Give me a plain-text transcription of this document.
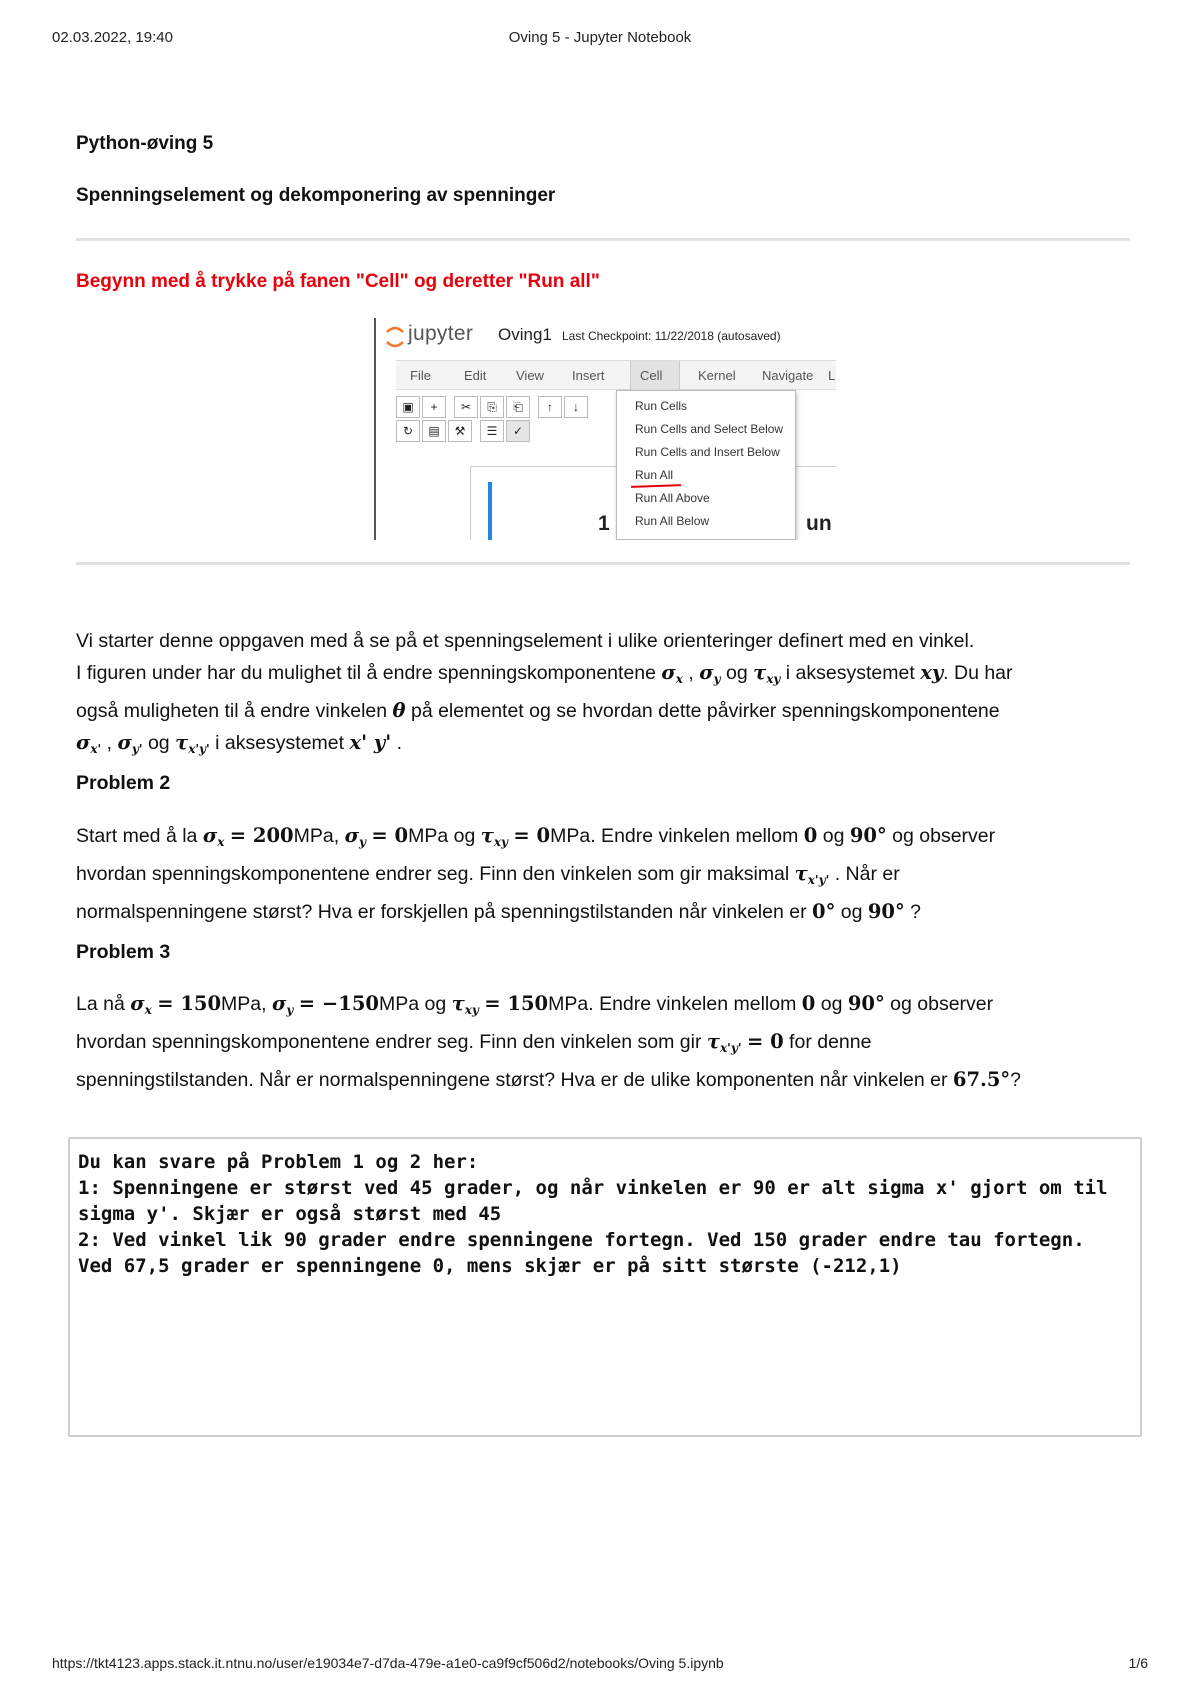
02.03.2022, 19:40	Oving 5 - Jupyter Notebook
Python-øving 5
Spenningselement og dekomponering av spenninger
Begynn med å trykke på fanen "Cell" og deretter "Run all"
jupyter Oving1 Last Checkpoint: 11/22/2018 (autosaved)
File	Edit View Insert	Cell	Kernel Navigate L
▣	+	✂	⎘	⎗	↑	↓
↻	▤	⚒	☰	✓
1	un
Run Cells
Run Cells and Select Below
Run Cells and Insert Below
Run All
Run All Above
Run All Below
Vi starter denne oppgaven med å se på et spenningselement i ulike orienteringer definert med en vinkel.
I figuren under har du mulighet til å endre spenningskomponentene $\sigma_x$ , $\sigma_y$ og $\tau_{xy}$ i aksesystemet xy. Du har
også muligheten til å endre vinkelen θ på elementet og se hvordan dette påvirker spenningskomponentene
$\sigma_{x'}$ , $\sigma_{y'}$ og $\tau_{x'y'}$ i aksesystemet x' y' .
Problem 2
Start med å la $\sigma_x = 200MPa$, $\sigma_y = 0MPa$ og $\tau_{xy} = 0MPa$. Endre vinkelen mellom 0 og 90° og observer
hvordan spenningskomponentene endrer seg. Finn den vinkelen som gir maksimal $\tau_{x'y'}$ . Når er
normalspenningene størst? Hva er forskjellen på spenningstilstanden når vinkelen er 0° og 90° ?
Problem 3
La nå $\sigma_x = 150MPa$, $\sigma_y = -150MPa$ og $\tau_{xy} = 150MPa$. Endre vinkelen mellom 0 og 90° og observer
hvordan spenningskomponentene endrer seg. Finn den vinkelen som gir $\tau_{x'y'} = 0$ for denne
spenningstilstanden. Når er normalspenningene størst? Hva er de ulike komponenten når vinkelen er 67.5°?
Du kan svare på Problem 1 og 2 her:
1: Spenningene er størst ved 45 grader, og når vinkelen er 90 er alt sigma x' gjort om til
sigma y'. Skjær er også størst med 45
2: Ved vinkel lik 90 grader endre spenningene fortegn. Ved 150 grader endre tau fortegn.
Ved 67,5 grader er spenningene 0, mens skjær er på sitt største (-212,1)
https://tkt4123.apps.stack.it.ntnu.no/user/e19034e7-d7da-479e-a1e0-ca9f9cf506d2/notebooks/Oving 5.ipynb	1/6
